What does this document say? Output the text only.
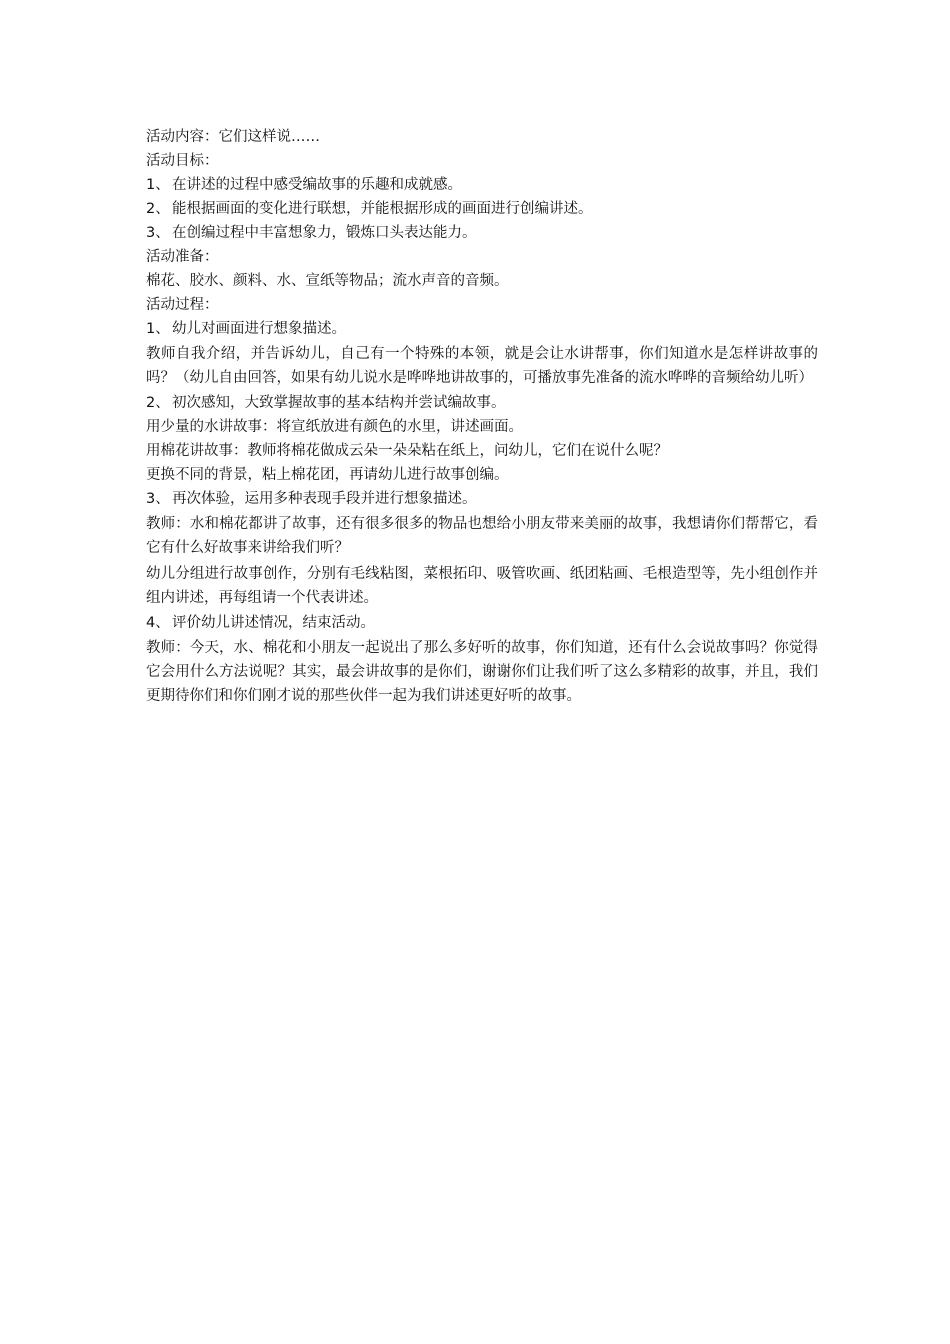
活动内容：它们这样说……

活动目标：

1、 在讲述的过程中感受编故事的乐趣和成就感。

2、 能根据画面的变化进行联想，并能根据形成的画面进行创编讲述。

3、 在创编过程中丰富想象力，锻炼口头表达能力。

活动准备：

棉花、胶水、颜料、水、宣纸等物品；流水声音的音频。

活动过程：

1、 幼儿对画面进行想象描述。

教师自我介绍，并告诉幼儿，自己有一个特殊的本领，就是会让水讲帮事，你们知道水是怎样讲故事的吗？（幼儿自由回答，如果有幼儿说水是哗哗地讲故事的，可播放事先准备的流水哗哗的音频给幼儿听）

2、 初次感知，大致掌握故事的基本结构并尝试编故事。

用少量的水讲故事：将宣纸放进有颜色的水里，讲述画面。

用棉花讲故事：教师将棉花做成云朵一朵朵粘在纸上，问幼儿，它们在说什么呢？

更换不同的背景，粘上棉花团，再请幼儿进行故事创编。

3、 再次体验，运用多种表现手段并进行想象描述。

教师：水和棉花都讲了故事，还有很多很多的物品也想给小朋友带来美丽的故事，我想请你们帮帮它，看它有什么好故事来讲给我们听？

幼儿分组进行故事创作，分别有毛线粘图，菜根拓印、吸管吹画、纸团粘画、毛根造型等，先小组创作并组内讲述，再每组请一个代表讲述。

4、 评价幼儿讲述情况，结束活动。

教师：今天，水、棉花和小朋友一起说出了那么多好听的故事，你们知道，还有什么会说故事吗？你觉得它会用什么方法说呢？其实，最会讲故事的是你们，谢谢你们让我们听了这么多精彩的故事，并且，我们更期待你们和你们刚才说的那些伙伴一起为我们讲述更好听的故事。
